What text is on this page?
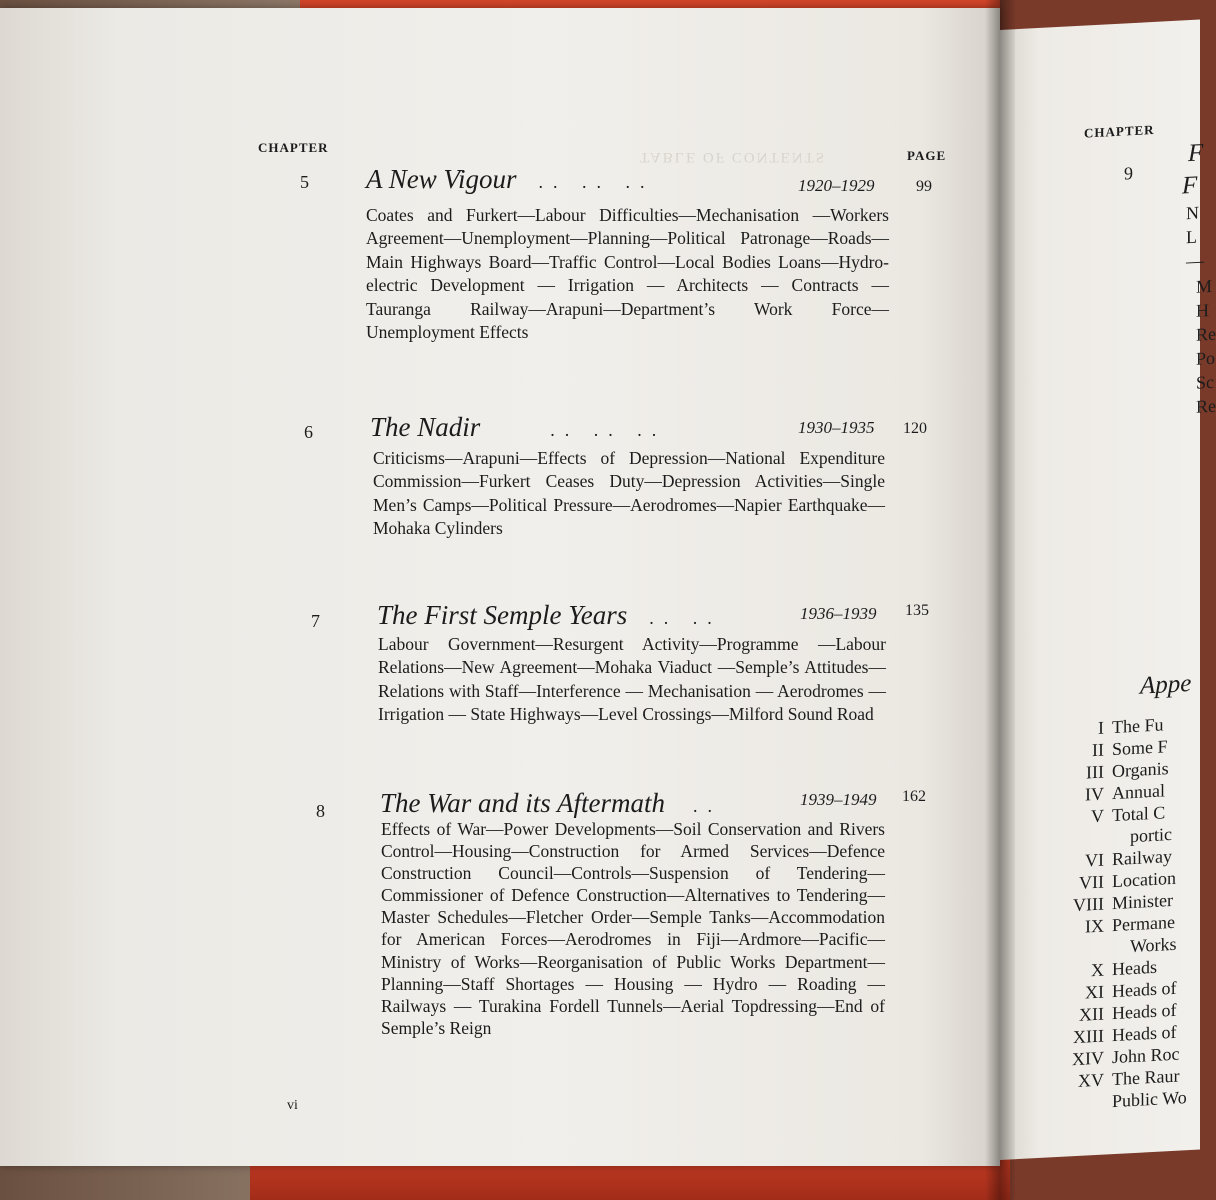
TABLE OF CONTENTS
CHAPTER
PAGE
5 A New Vigour .. .. ..	1920–1929	99

Coates and Furkert—Labour Difficulties—Mechanisation —Workers Agreement—Unemployment—Planning—Political Patronage—Roads—Main Highways Board—Traffic Control—Local Bodies Loans—Hydro-electric Development — Irrigation — Architects — Contracts — Tauranga Railway—Arapuni—Department’s Work Force—Unemployment Effects

6 The Nadir	.. .. ..	1930–1935 120

Criticisms—Arapuni—Effects of Depression—National Expenditure Commission—Furkert Ceases Duty—Depression Activities—Single Men’s Camps—Political Pressure—Aerodromes—Napier Earthquake—Mohaka Cylinders

7 The First Semple Years .. ..	1936–1939 135

Labour Government—Resurgent Activity—Programme —Labour Relations—New Agreement—Mohaka Viaduct —Semple’s Attitudes—Relations with Staff—Interference — Mechanisation — Aerodromes — Irrigation — State Highways—Level Crossings—Milford Sound Road

8 The War and its Aftermath ..	1939–1949 162

Effects of War—Power Developments—Soil Conservation and Rivers Control—Housing—Construction for Armed Services—Defence Construction Council—Controls—Suspension of Tendering—Commissioner of Defence Construction—Alternatives to Tendering—Master Schedules—Fletcher Order—Semple Tanks—Accommodation for American Forces—Aerodromes in Fiji—Ardmore—Pacific—Ministry of Works—Reorganisation of Public Works Department—Planning—Staff Shortages — Housing — Hydro — Roading — Railways — Turakina Fordell Tunnels—Aerial Topdressing—End of Semple’s Reign

vi
CHAPTER
9
F
F
N
L
—
M
H
Re
Po
Sc
Re
Appe
I The Fu
II Some F
III Organis
IV Annual
V Total C
portic
VI Railway
VII Location
VIII Minister
IX Permane
Works
X Heads
XI Heads of
XII Heads of
XIII Heads of
XIV John Roc
XV The Raur
Public Wo
